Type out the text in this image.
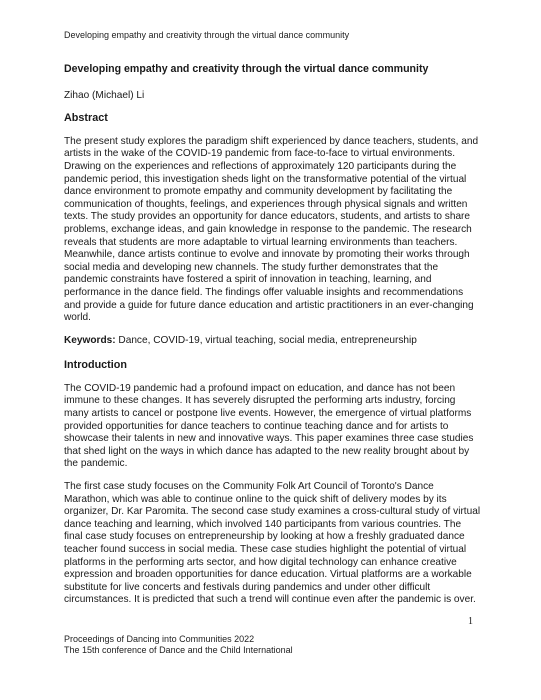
Developing empathy and creativity through the virtual dance community
Developing empathy and creativity through the virtual dance community
Zihao (Michael) Li
Abstract
The present study explores the paradigm shift experienced by dance teachers, students, and artists in the wake of the COVID-19 pandemic from face-to-face to virtual environments. Drawing on the experiences and reflections of approximately 120 participants during the pandemic period, this investigation sheds light on the transformative potential of the virtual dance environment to promote empathy and community development by facilitating the communication of thoughts, feelings, and experiences through physical signals and written texts. The study provides an opportunity for dance educators, students, and artists to share problems, exchange ideas, and gain knowledge in response to the pandemic. The research reveals that students are more adaptable to virtual learning environments than teachers. Meanwhile, dance artists continue to evolve and innovate by promoting their works through social media and developing new channels. The study further demonstrates that the pandemic constraints have fostered a spirit of innovation in teaching, learning, and performance in the dance field. The findings offer valuable insights and recommendations and provide a guide for future dance education and artistic practitioners in an ever-changing world.
Keywords: Dance, COVID-19, virtual teaching, social media, entrepreneurship
Introduction
The COVID-19 pandemic had a profound impact on education, and dance has not been immune to these changes. It has severely disrupted the performing arts industry, forcing many artists to cancel or postpone live events. However, the emergence of virtual platforms provided opportunities for dance teachers to continue teaching dance and for artists to showcase their talents in new and innovative ways. This paper examines three case studies that shed light on the ways in which dance has adapted to the new reality brought about by the pandemic.
The first case study focuses on the Community Folk Art Council of Toronto's Dance Marathon, which was able to continue online to the quick shift of delivery modes by its organizer, Dr. Kar Paromita. The second case study examines a cross-cultural study of virtual dance teaching and learning, which involved 140 participants from various countries. The final case study focuses on entrepreneurship by looking at how a freshly graduated dance teacher found success in social media. These case studies highlight the potential of virtual platforms in the performing arts sector, and how digital technology can enhance creative expression and broaden opportunities for dance education. Virtual platforms are a workable substitute for live concerts and festivals during pandemics and under other difficult circumstances. It is predicted that such a trend will continue even after the pandemic is over.
1
Proceedings of Dancing into Communities 2022
The 15th conference of Dance and the Child International
